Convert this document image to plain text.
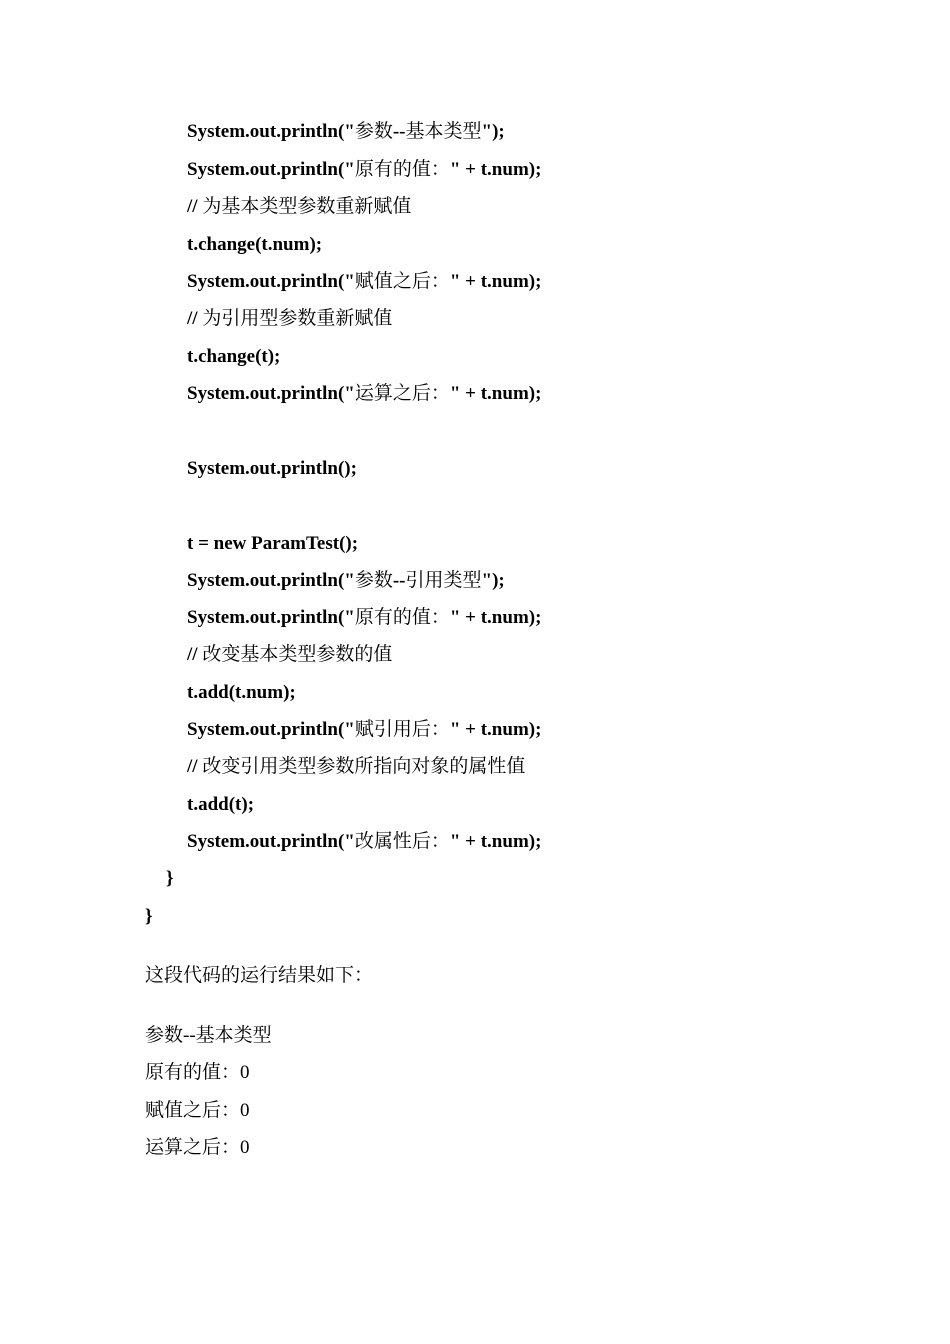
System.out.println("参数--基本类型");
System.out.println("原有的值：" + t.num);
// 为基本类型参数重新赋值
t.change(t.num);
System.out.println("赋值之后：" + t.num);
// 为引用型参数重新赋值
t.change(t);
System.out.println("运算之后：" + t.num);
System.out.println();
t = new ParamTest();
System.out.println("参数--引用类型");
System.out.println("原有的值：" + t.num);
// 改变基本类型参数的值
t.add(t.num);
System.out.println("赋引用后：" + t.num);
// 改变引用类型参数所指向对象的属性值
t.add(t);
System.out.println("改属性后：" + t.num);
}
}
这段代码的运行结果如下：
参数--基本类型
原有的值：0
赋值之后：0
运算之后：0
